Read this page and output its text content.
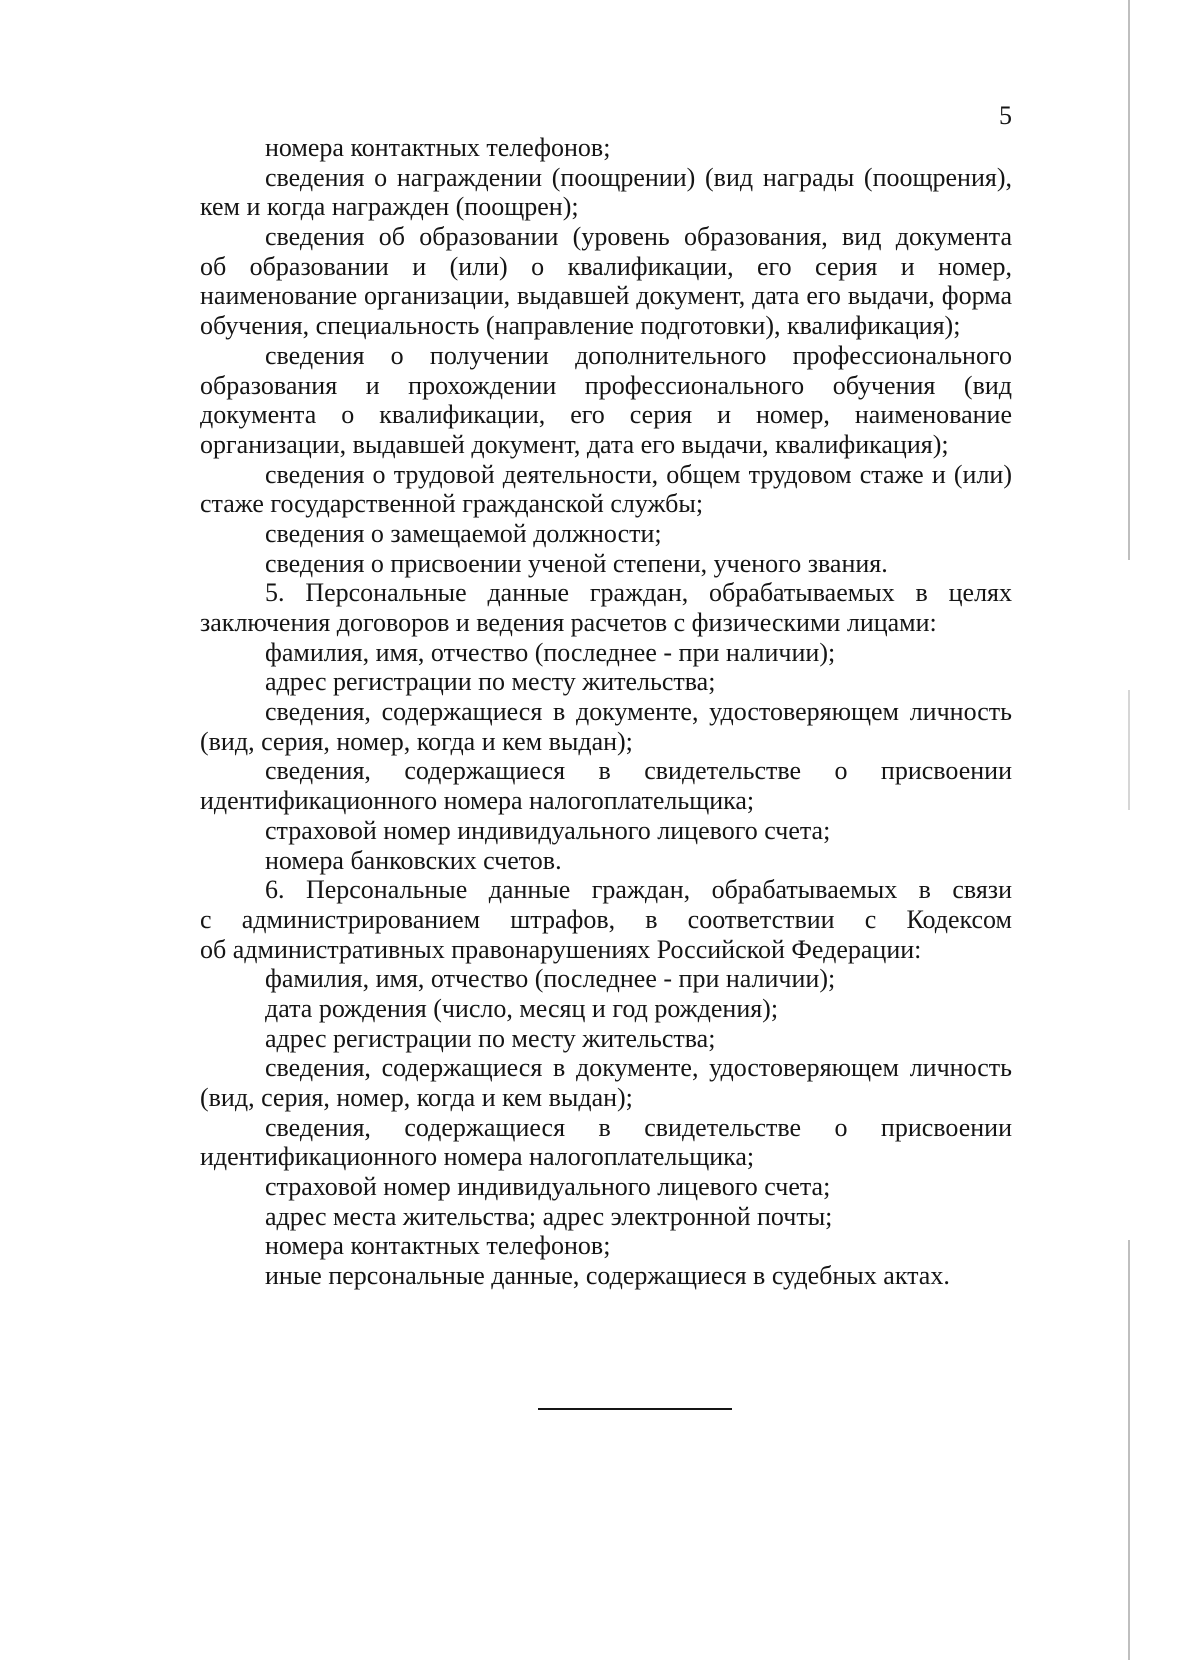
5
номера контактных телефонов;
сведения о награждении (поощрении) (вид награды (поощрения),
кем и когда награжден (поощрен);
сведения об образовании (уровень образования, вид документа
об образовании и (или) о квалификации, его серия и номер,
наименование организации, выдавшей документ, дата его выдачи, форма
обучения, специальность (направление подготовки), квалификация);
сведения о получении дополнительного профессионального
образования и прохождении профессионального обучения (вид
документа о квалификации, его серия и номер, наименование
организации, выдавшей документ, дата его выдачи, квалификация);
сведения о трудовой деятельности, общем трудовом стаже и (или)
стаже государственной гражданской службы;
сведения о замещаемой должности;
сведения о присвоении ученой степени, ученого звания.
5. Персональные данные граждан, обрабатываемых в целях
заключения договоров и ведения расчетов с физическими лицами:
фамилия, имя, отчество (последнее - при наличии);
адрес регистрации по месту жительства;
сведения, содержащиеся в документе, удостоверяющем личность
(вид, серия, номер, когда и кем выдан);
сведения, содержащиеся в свидетельстве о присвоении
идентификационного номера налогоплательщика;
страховой номер индивидуального лицевого счета;
номера банковских счетов.
6. Персональные данные граждан, обрабатываемых в связи
с администрированием штрафов, в соответствии с Кодексом
об административных правонарушениях Российской Федерации:
фамилия, имя, отчество (последнее - при наличии);
дата рождения (число, месяц и год рождения);
адрес регистрации по месту жительства;
сведения, содержащиеся в документе, удостоверяющем личность
(вид, серия, номер, когда и кем выдан);
сведения, содержащиеся в свидетельстве о присвоении
идентификационного номера налогоплательщика;
страховой номер индивидуального лицевого счета;
адрес места жительства; адрес электронной почты;
номера контактных телефонов;
иные персональные данные, содержащиеся в судебных актах.
